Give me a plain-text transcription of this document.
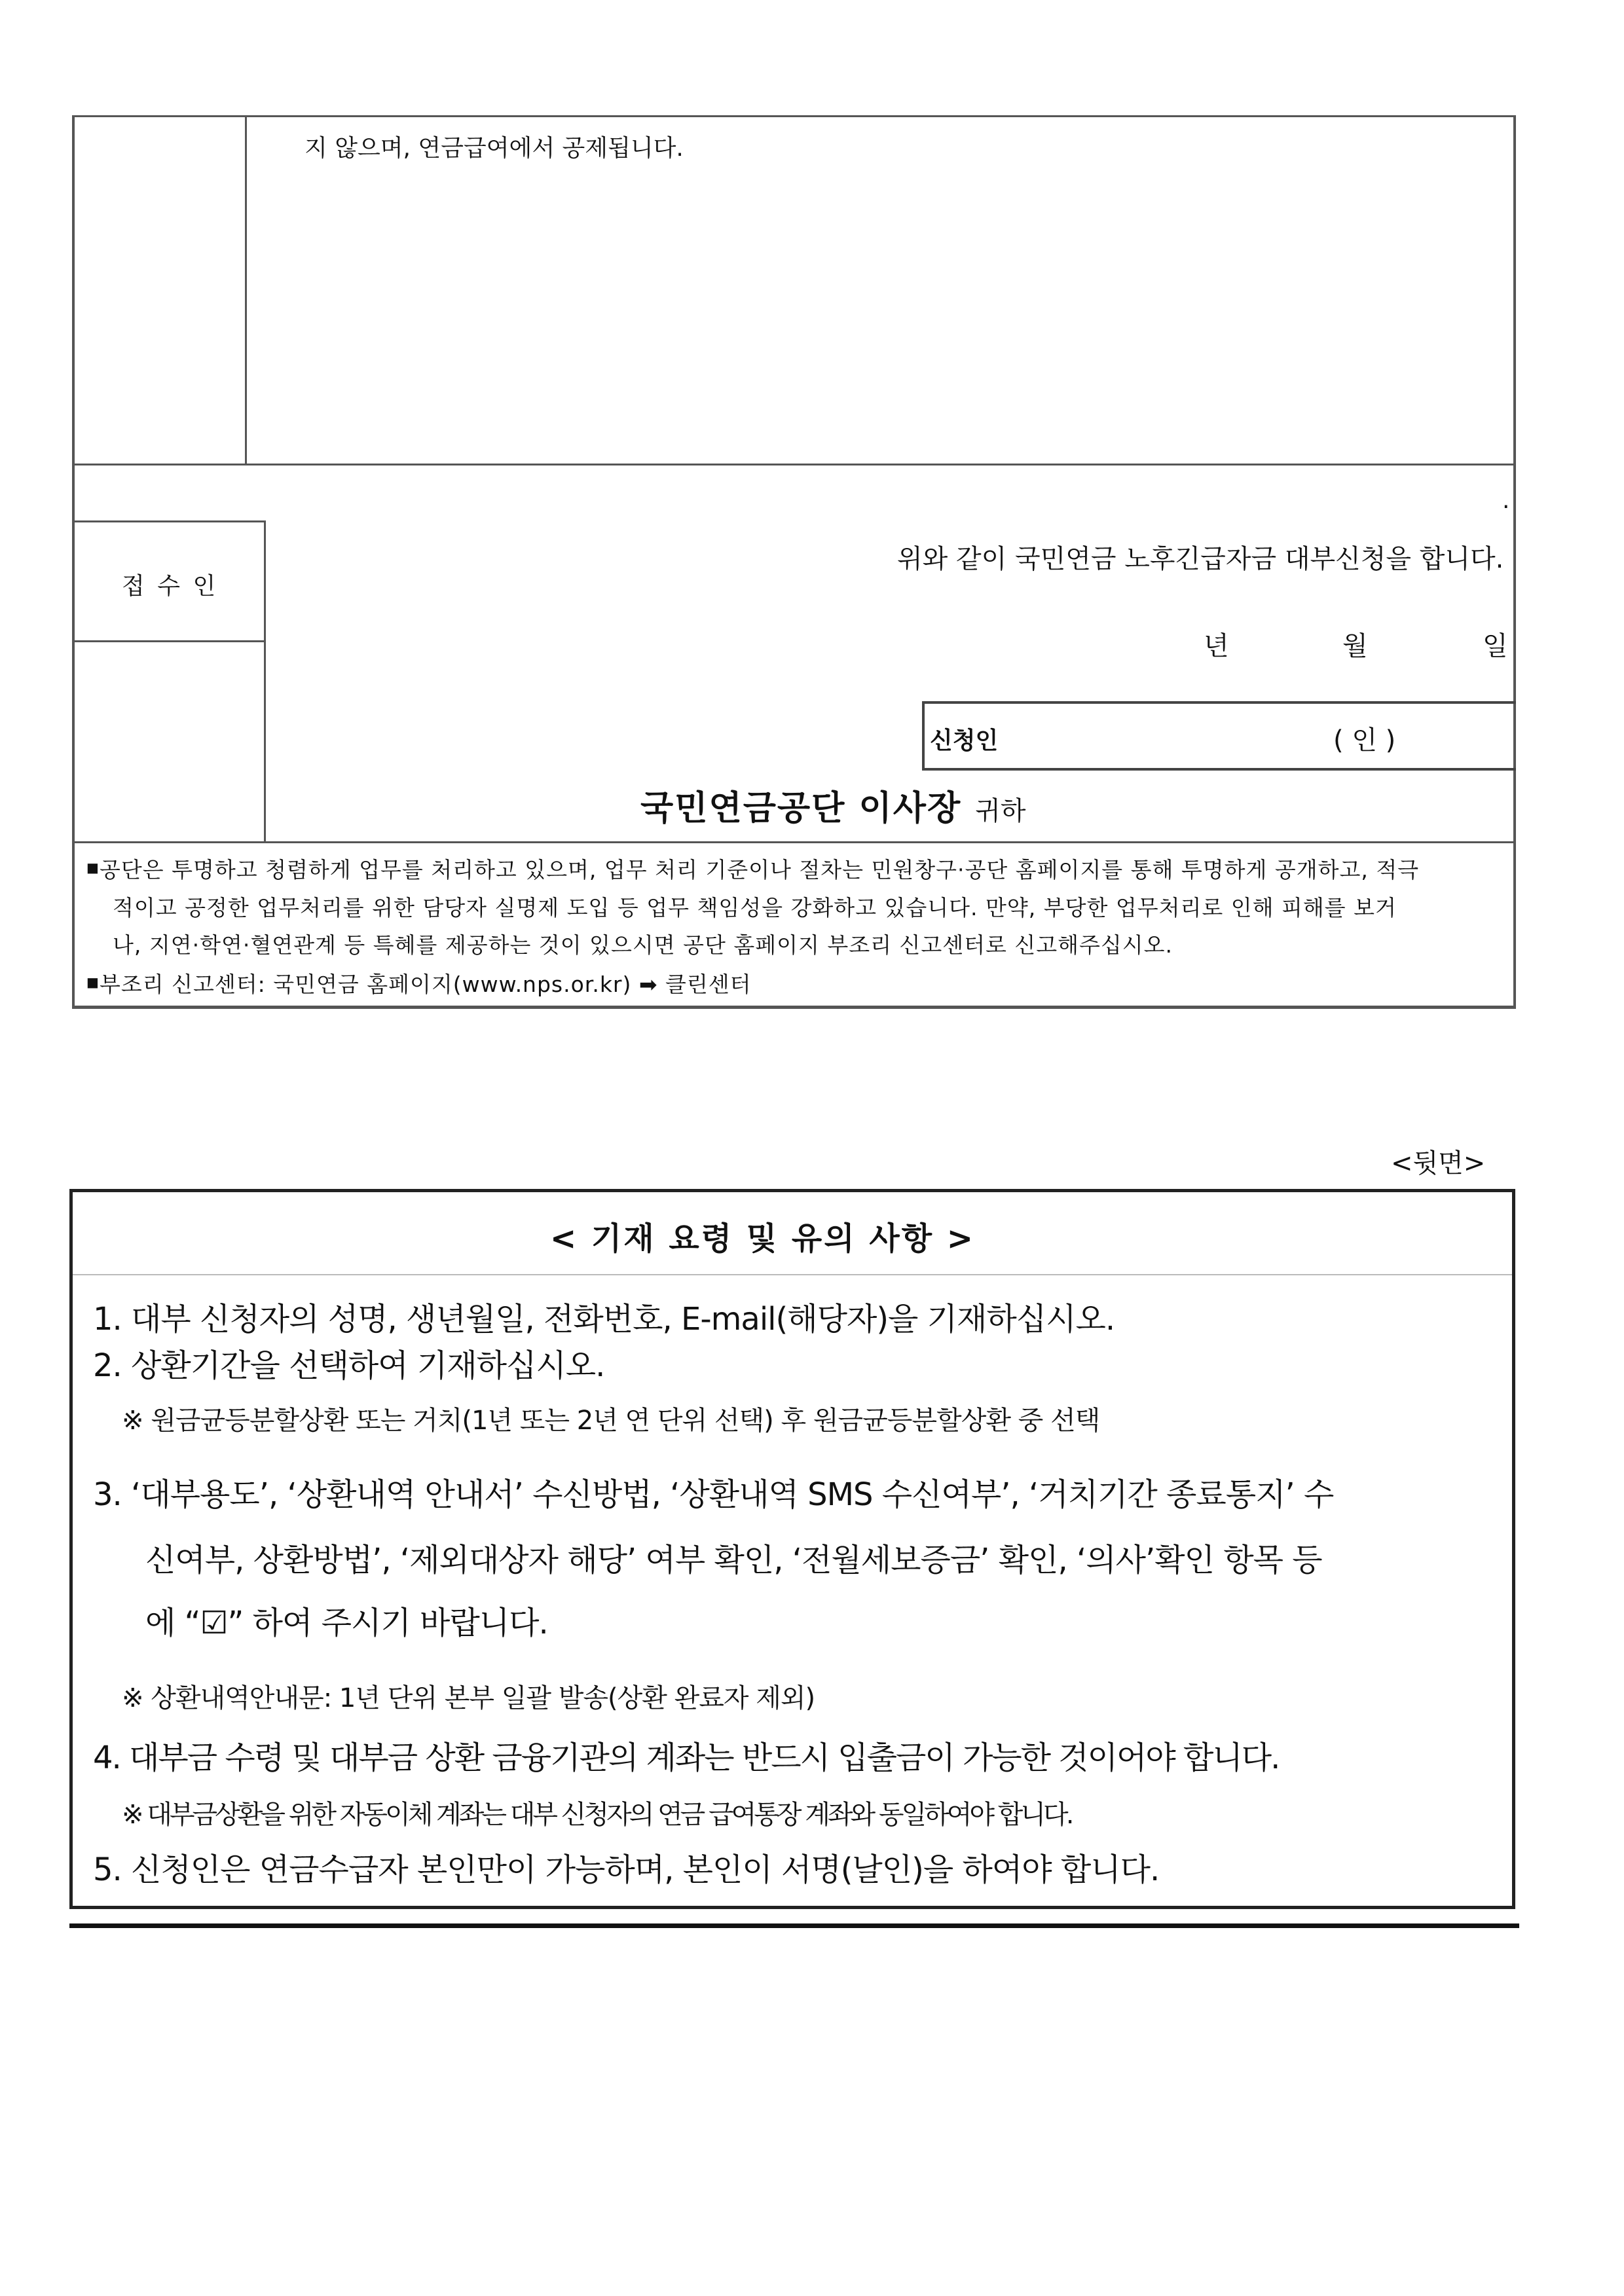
지 않으며, 연금급여에서 공제됩니다.
.
접 수 인
위와 같이 국민연금 노후긴급자금 대부신청을 합니다.
년	월	일
신청인	( 인 )
국민연금공단 이사장 귀하
■ 공단은 투명하고 청렴하게 업무를 처리하고 있으며, 업무 처리 기준이나 절차는 민원창구·공단 홈페이지를 통해 투명하게 공개하고, 적극
적이고 공정한 업무처리를 위한 담당자 실명제 도입 등 업무 책임성을 강화하고 있습니다. 만약, 부당한 업무처리로 인해 피해를 보거
나, 지연·학연·혈연관계 등 특혜를 제공하는 것이 있으시면 공단 홈페이지 부조리 신고센터로 신고해주십시오.
■ 부조리 신고센터: 국민연금 홈페이지(www.nps.or.kr) ➡ 클린센터
<뒷면>
< 기재 요령 및 유의 사항 >
1. 대부 신청자의 성명, 생년월일, 전화번호, E-mail(해당자)을 기재하십시오.
2. 상환기간을 선택하여 기재하십시오.
※ 원금균등분할상환 또는 거치(1년 또는 2년 연 단위 선택) 후 원금균등분할상환 중 선택
3. ‘대부용도’, ‘상환내역 안내서’ 수신방법, ‘상환내역 SMS 수신여부’, ‘거치기간 종료통지’ 수
신여부, 상환방법’, ‘제외대상자 해당’ 여부 확인, ‘전월세보증금’ 확인, ‘의사’확인 항목 등
에 “☑” 하여 주시기 바랍니다.
※ 상환내역안내문: 1년 단위 본부 일괄 발송(상환 완료자 제외)
4. 대부금 수령 및 대부금 상환 금융기관의 계좌는 반드시 입출금이 가능한 것이어야 합니다.
※ 대부금상환을 위한 자동이체 계좌는 대부 신청자의 연금 급여통장 계좌와 동일하여야 합니다.
5. 신청인은 연금수급자 본인만이 가능하며, 본인이 서명(날인)을 하여야 합니다.
